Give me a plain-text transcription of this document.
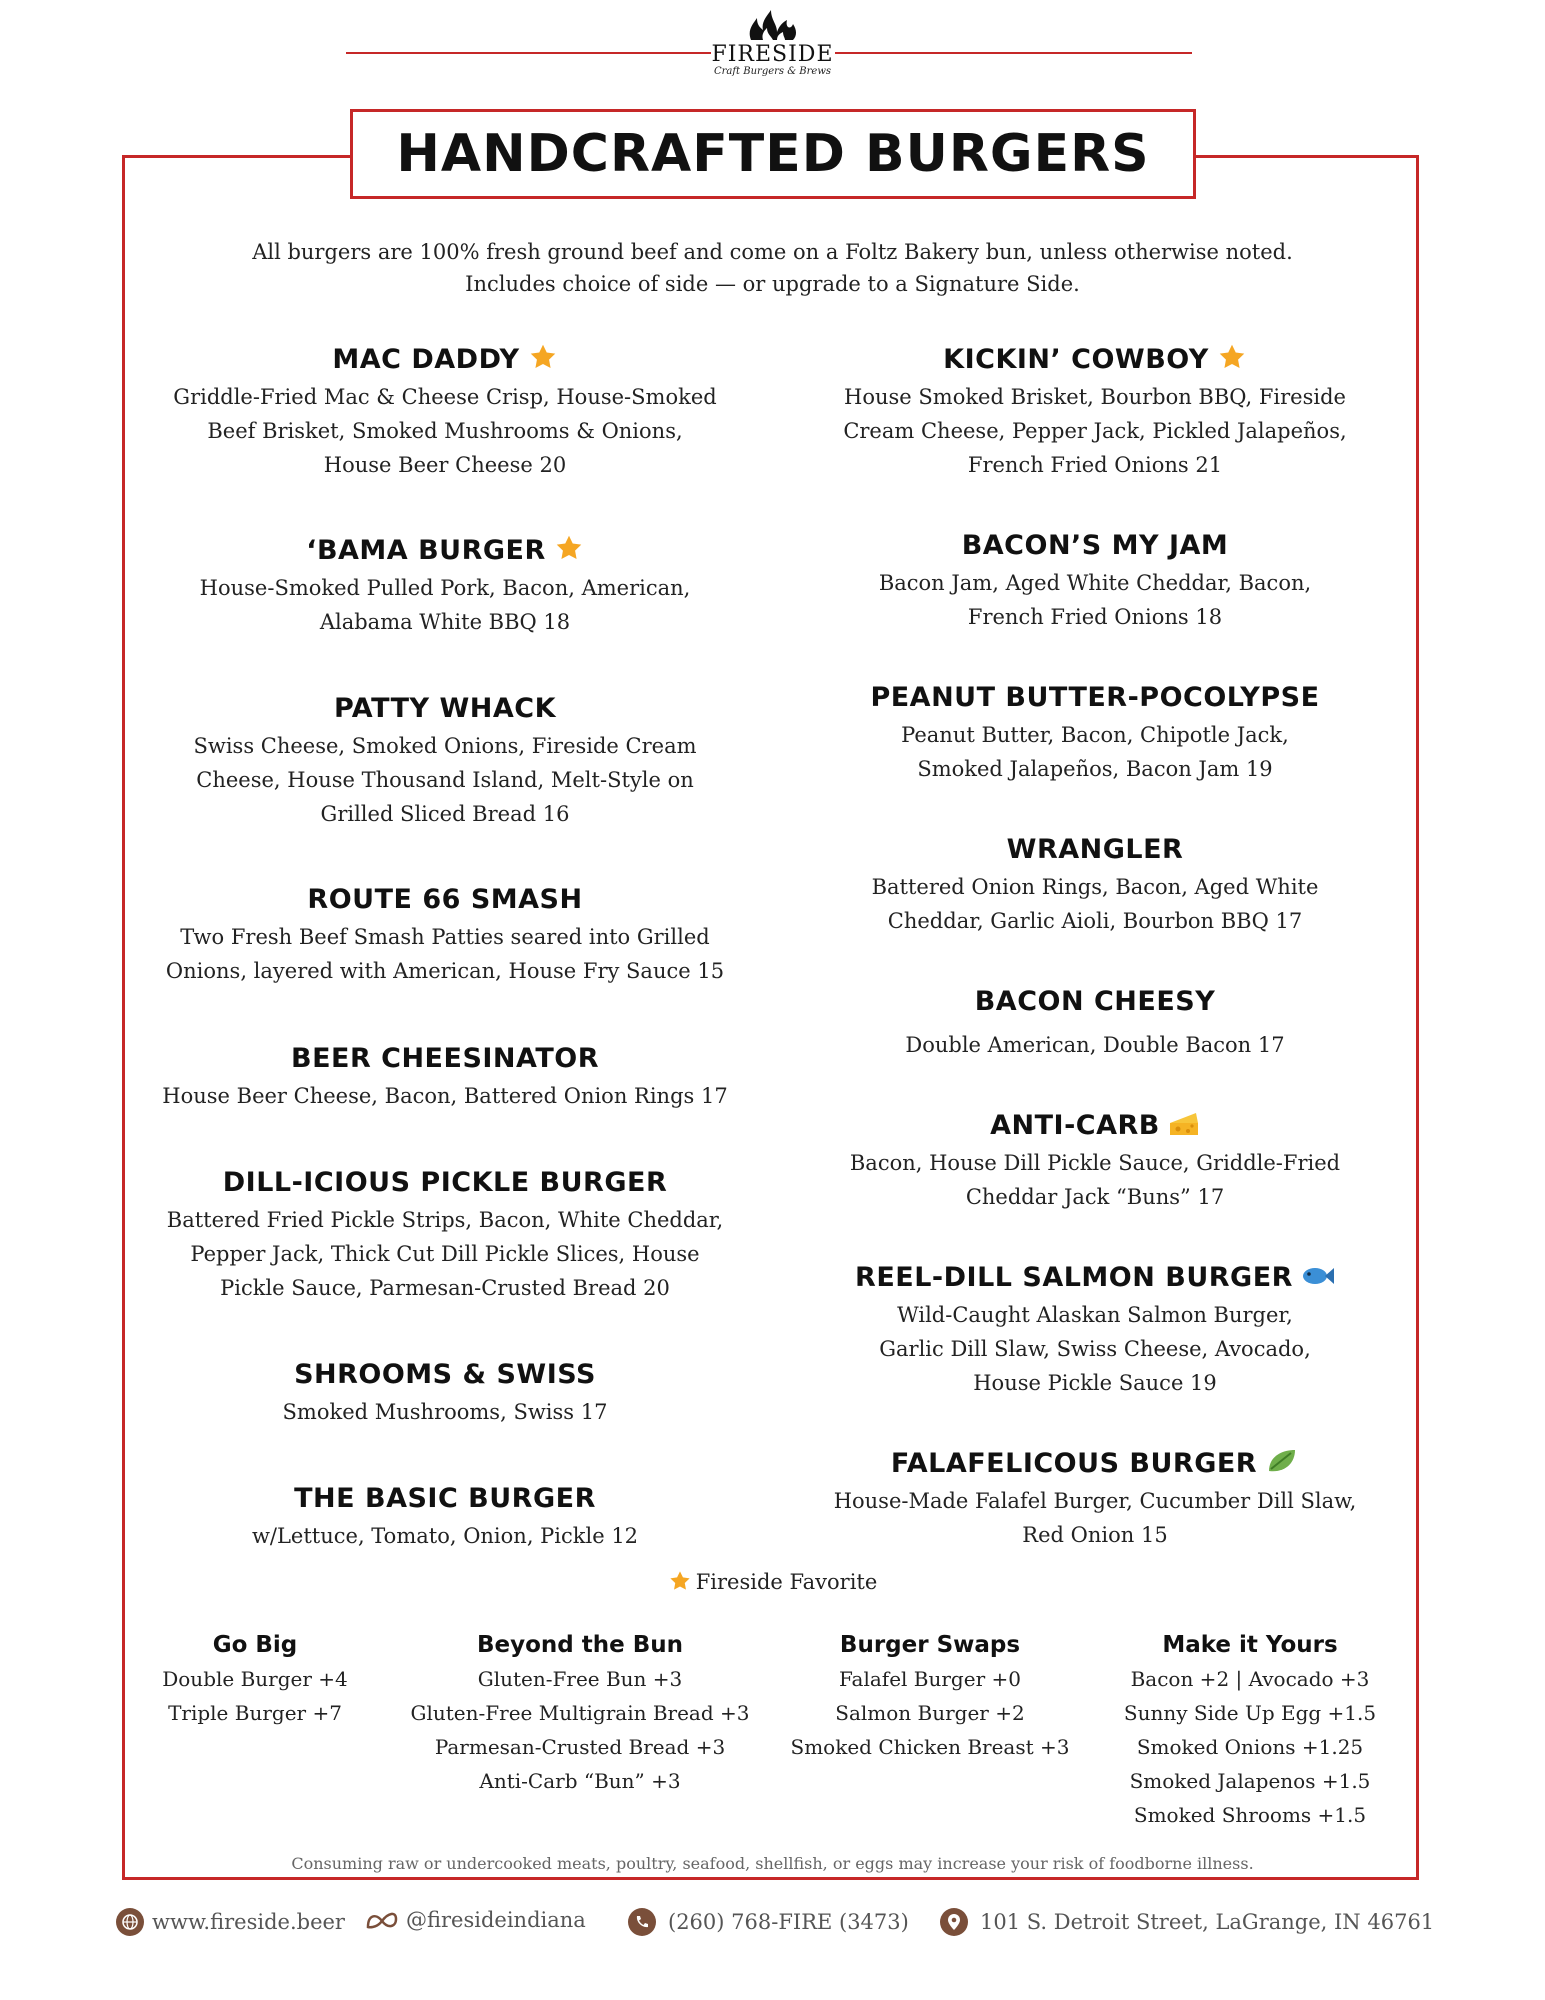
FIRESIDE
Craft Burgers & Brews
HANDCRAFTED BURGERS
All burgers are 100% fresh ground beef and come on a Foltz Bakery bun, unless otherwise noted.
Includes choice of side — or upgrade to a Signature Side.
MAC DADDY
Griddle-Fried Mac & Cheese Crisp, House-Smoked
Beef Brisket, Smoked Mushrooms & Onions,
House Beer Cheese 20
‘BAMA BURGER
House-Smoked Pulled Pork, Bacon, American,
Alabama White BBQ 18
PATTY WHACK
Swiss Cheese, Smoked Onions, Fireside Cream
Cheese, House Thousand Island, Melt-Style on
Grilled Sliced Bread 16
ROUTE 66 SMASH
Two Fresh Beef Smash Patties seared into Grilled
Onions, layered with American, House Fry Sauce 15
BEER CHEESINATOR
House Beer Cheese, Bacon, Battered Onion Rings 17
DILL-ICIOUS PICKLE BURGER
Battered Fried Pickle Strips, Bacon, White Cheddar,
Pepper Jack, Thick Cut Dill Pickle Slices, House
Pickle Sauce, Parmesan-Crusted Bread 20
SHROOMS & SWISS
Smoked Mushrooms, Swiss 17
THE BASIC BURGER
w/Lettuce, Tomato, Onion, Pickle 12
KICKIN’ COWBOY
House Smoked Brisket, Bourbon BBQ, Fireside
Cream Cheese, Pepper Jack, Pickled Jalapeños,
French Fried Onions 21
BACON’S MY JAM
Bacon Jam, Aged White Cheddar, Bacon,
French Fried Onions 18
PEANUT BUTTER-POCOLYPSE
Peanut Butter, Bacon, Chipotle Jack,
Smoked Jalapeños, Bacon Jam 19
WRANGLER
Battered Onion Rings, Bacon, Aged White
Cheddar, Garlic Aioli, Bourbon BBQ 17
BACON CHEESY
Double American, Double Bacon 17
ANTI-CARB
Bacon, House Dill Pickle Sauce, Griddle-Fried
Cheddar Jack “Buns” 17
REEL-DILL SALMON BURGER
Wild-Caught Alaskan Salmon Burger,
Garlic Dill Slaw, Swiss Cheese, Avocado,
House Pickle Sauce 19
FALAFELICOUS BURGER
House-Made Falafel Burger, Cucumber Dill Slaw,
Red Onion 15
Fireside Favorite
Go Big
Double Burger +4
Triple Burger +7
Beyond the Bun
Gluten-Free Bun +3
Gluten-Free Multigrain Bread +3
Parmesan-Crusted Bread +3
Anti-Carb “Bun” +3
Burger Swaps
Falafel Burger +0
Salmon Burger +2
Smoked Chicken Breast +3
Make it Yours
Bacon +2 | Avocado +3
Sunny Side Up Egg +1.5
Smoked Onions +1.25
Smoked Jalapenos +1.5
Smoked Shrooms +1.5
Consuming raw or undercooked meats, poultry, seafood, shellfish, or eggs may increase your risk of foodborne illness.
www.fireside.beer	@firesideindiana	(260) 768-FIRE (3473)	101 S. Detroit Street, LaGrange, IN 46761
